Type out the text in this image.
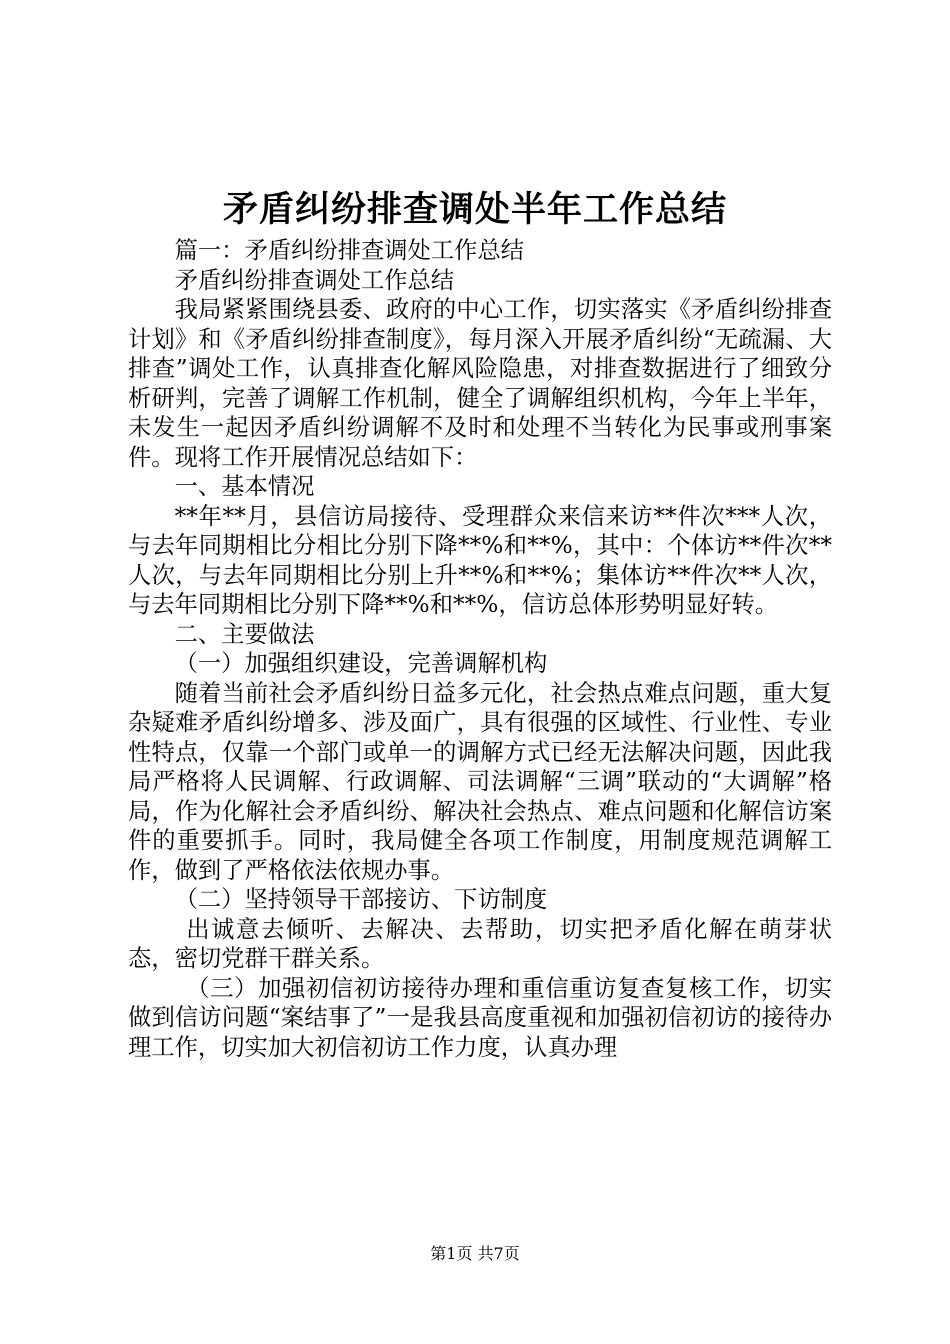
矛盾纠纷排查调处半年工作总结

篇一：矛盾纠纷排查调处工作总结

矛盾纠纷排查调处工作总结

我局紧紧围绕县委、政府的中心工作，切实落实《矛盾纠纷排查计划》和《矛盾纠纷排查制度》，每月深入开展矛盾纠纷“无疏漏、大排查”调处工作，认真排查化解风险隐患，对排查数据进行了细致分析研判，完善了调解工作机制，健全了调解组织机构，今年上半年，未发生一起因矛盾纠纷调解不及时和处理不当转化为民事或刑事案件。现将工作开展情况总结如下：

一、基本情况

**年**月，县信访局接待、受理群众来信来访**件次***人次，与去年同期相比分相比分别下降**%和**%，其中：个体访**件次**人次，与去年同期相比分别上升**%和**%；集体访**件次**人次，与去年同期相比分别下降**%和**%，信访总体形势明显好转。

二、主要做法

（一）加强组织建设，完善调解机构

随着当前社会矛盾纠纷日益多元化，社会热点难点问题，重大复杂疑难矛盾纠纷增多、涉及面广，具有很强的区域性、行业性、专业性特点，仅靠一个部门或单一的调解方式已经无法解决问题，因此我局严格将人民调解、行政调解、司法调解“三调”联动的“大调解”格局，作为化解社会矛盾纠纷、解决社会热点、难点问题和化解信访案件的重要抓手。同时，我局健全各项工作制度，用制度规范调解工作，做到了严格依法依规办事。

（二）坚持领导干部接访、下访制度

出诚意去倾听、去解决、去帮助，切实把矛盾化解在萌芽状态，密切党群干群关系。

（三）加强初信初访接待办理和重信重访复查复核工作，切实做到信访问题“案结事了”一是我县高度重视和加强初信初访的接待办理工作，切实加大初信初访工作力度，认真办理

第1页 共7页
